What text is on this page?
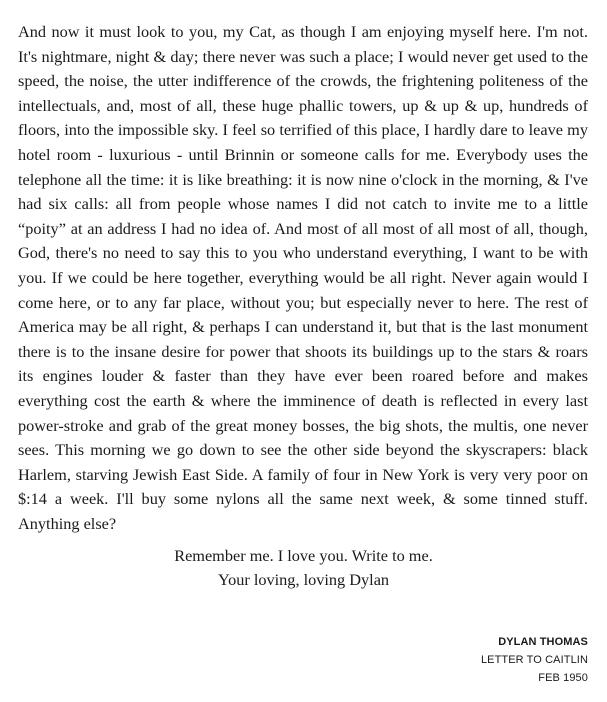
And now it must look to you, my Cat, as though I am enjoying myself here. I'm not. It's nightmare, night & day; there never was such a place; I would never get used to the speed, the noise, the utter indifference of the crowds, the frightening politeness of the intellectuals, and, most of all, these huge phallic towers, up & up & up, hundreds of floors, into the impossible sky. I feel so terrified of this place, I hardly dare to leave my hotel room - luxurious - until Brinnin or someone calls for me. Everybody uses the telephone all the time: it is like breathing: it is now nine o'clock in the morning, & I've had six calls: all from people whose names I did not catch to invite me to a little “poity” at an address I had no idea of. And most of all most of all most of all, though, God, there's no need to say this to you who understand everything, I want to be with you. If we could be here together, everything would be all right. Never again would I come here, or to any far place, without you; but especially never to here. The rest of America may be all right, & perhaps I can understand it, but that is the last monument there is to the insane desire for power that shoots its buildings up to the stars & roars its engines louder & faster than they have ever been roared before and makes everything cost the earth & where the imminence of death is reflected in every last power-stroke and grab of the great money bosses, the big shots, the multis, one never sees. This morning we go down to see the other side beyond the skyscrapers: black Harlem, starving Jewish East Side. A family of four in New York is very very poor on $:14 a week. I'll buy some nylons all the same next week, & some tinned stuff. Anything else?

Remember me. I love you. Write to me.
Your loving, loving Dylan
DYLAN THOMAS
LETTER TO CAITLIN
FEB 1950
